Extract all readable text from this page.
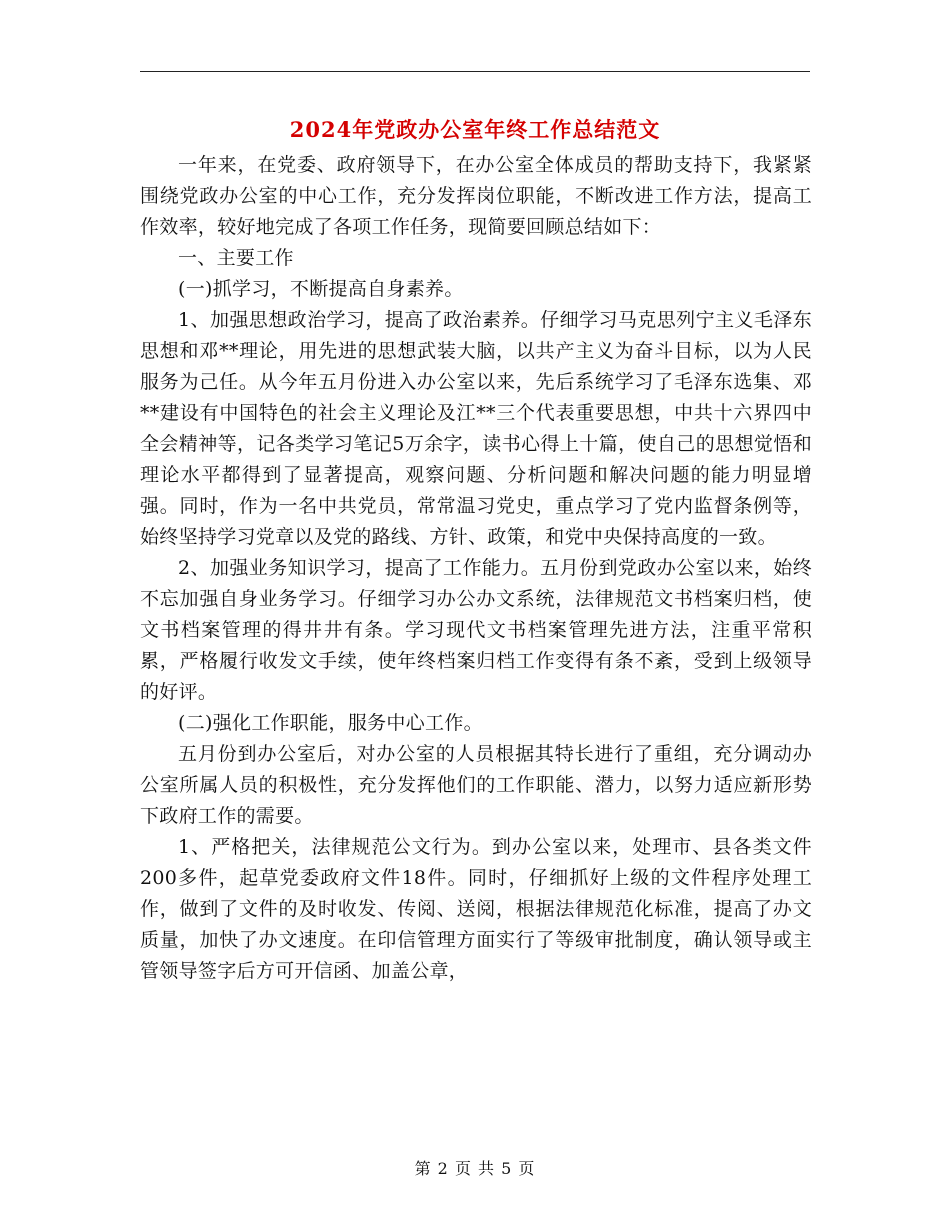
2024年党政办公室年终工作总结范文

一年来，在党委、政府领导下，在办公室全体成员的帮助支持下，我紧紧围绕党政办公室的中心工作，充分发挥岗位职能，不断改进工作方法，提高工作效率，较好地完成了各项工作任务，现简要回顾总结如下：

一、主要工作

(一)抓学习，不断提高自身素养。

1、加强思想政治学习，提高了政治素养。仔细学习马克思列宁主义毛泽东思想和邓**理论，用先进的思想武装大脑，以共产主义为奋斗目标，以为人民服务为己任。从今年五月份进入办公室以来，先后系统学习了毛泽东选集、邓**建设有中国特色的社会主义理论及江**三个代表重要思想，中共十六界四中全会精神等，记各类学习笔记5万余字，读书心得上十篇，使自己的思想觉悟和理论水平都得到了显著提高，观察问题、分析问题和解决问题的能力明显增强。同时，作为一名中共党员，常常温习党史，重点学习了党内监督条例等，始终坚持学习党章以及党的路线、方针、政策，和党中央保持高度的一致。

2、加强业务知识学习，提高了工作能力。五月份到党政办公室以来，始终不忘加强自身业务学习。仔细学习办公办文系统，法律规范文书档案归档，使文书档案管理的得井井有条。学习现代文书档案管理先进方法，注重平常积累，严格履行收发文手续，使年终档案归档工作变得有条不紊，受到上级领导的好评。

(二)强化工作职能，服务中心工作。

五月份到办公室后，对办公室的人员根据其特长进行了重组，充分调动办公室所属人员的积极性，充分发挥他们的工作职能、潜力，以努力适应新形势下政府工作的需要。

1、严格把关，法律规范公文行为。到办公室以来，处理市、县各类文件200多件，起草党委政府文件18件。同时，仔细抓好上级的文件程序处理工作，做到了文件的及时收发、传阅、送阅，根据法律规范化标准，提高了办文质量，加快了办文速度。在印信管理方面实行了等级审批制度，确认领导或主管领导签字后方可开信函、加盖公章，

第 2 页 共 5 页
